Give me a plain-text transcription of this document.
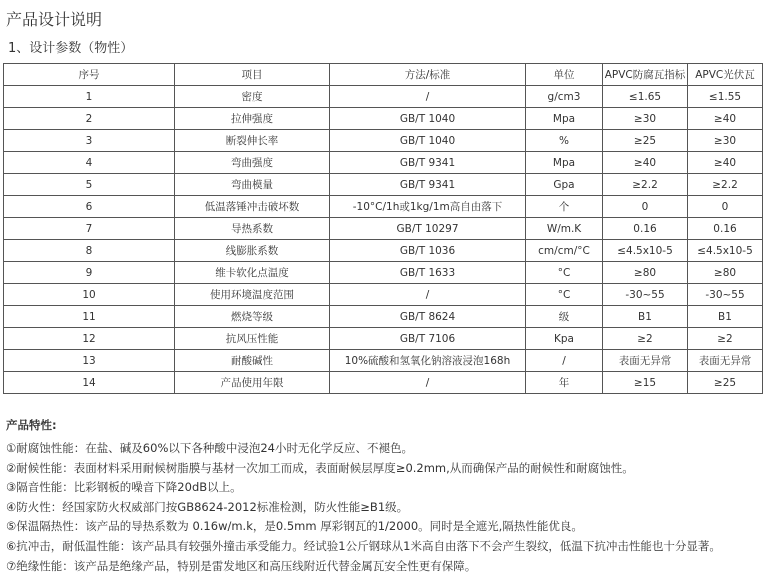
产品设计说明
1、设计参数（物性）
序号	项目	方法/标准	单位	APVC防腐瓦指标	APVC光伏瓦
1	密度	/	g/cm3	≤1.65	≤1.55
2	拉伸强度	GB/T 1040	Mpa	≥30	≥40
3	断裂伸长率	GB/T 1040	%	≥25	≥30
4	弯曲强度	GB/T 9341	Mpa	≥40	≥40
5	弯曲模量	GB/T 9341	Gpa	≥2.2	≥2.2
6	低温落锤冲击破坏数	-10°C/1h或1kg/1m高自由落下	个	0	0
7	导热系数	GB/T 10297	W/m.K	0.16	0.16
8	线膨胀系数	GB/T 1036	cm/cm/°C	≤4.5x10-5	≤4.5x10-5
9	维卡软化点温度	GB/T 1633	°C	≥80	≥80
10	使用环境温度范围	/	°C	-30~55	-30~55
11	燃烧等级	GB/T 8624	级	B1	B1
12	抗风压性能	GB/T 7106	Kpa	≥2	≥2
13	耐酸碱性	10%硫酸和氢氧化钠溶液浸泡168h	/	表面无异常	表面无异常
14	产品使用年限	/	年	≥15	≥25
产品特性:
①耐腐蚀性能：在盐、碱及60%以下各种酸中浸泡24小时无化学反应、不褪色。
②耐候性能：表面材料采用耐候树脂膜与基材一次加工而成，表面耐候层厚度≥0.2mm,从而确保产品的耐候性和耐腐蚀性。
③隔音性能：比彩钢板的噪音下降20dB以上。
④防火性：经国家防火权威部门按GB8624-2012标准检测，防火性能≥B1级。
⑤保温隔热性：该产品的导热系数为 0.16w/m.k，是0.5mm 厚彩钢瓦的1/2000。同时是全遮光,隔热性能优良。
⑥抗冲击，耐低温性能：该产品具有较强外撞击承受能力。经试验1公斤钢球从1米高自由落下不会产生裂纹，低温下抗冲击性能也十分显著。
⑦绝缘性能：该产品是绝缘产品，特别是雷发地区和高压线附近代替金属瓦安全性更有保障。
